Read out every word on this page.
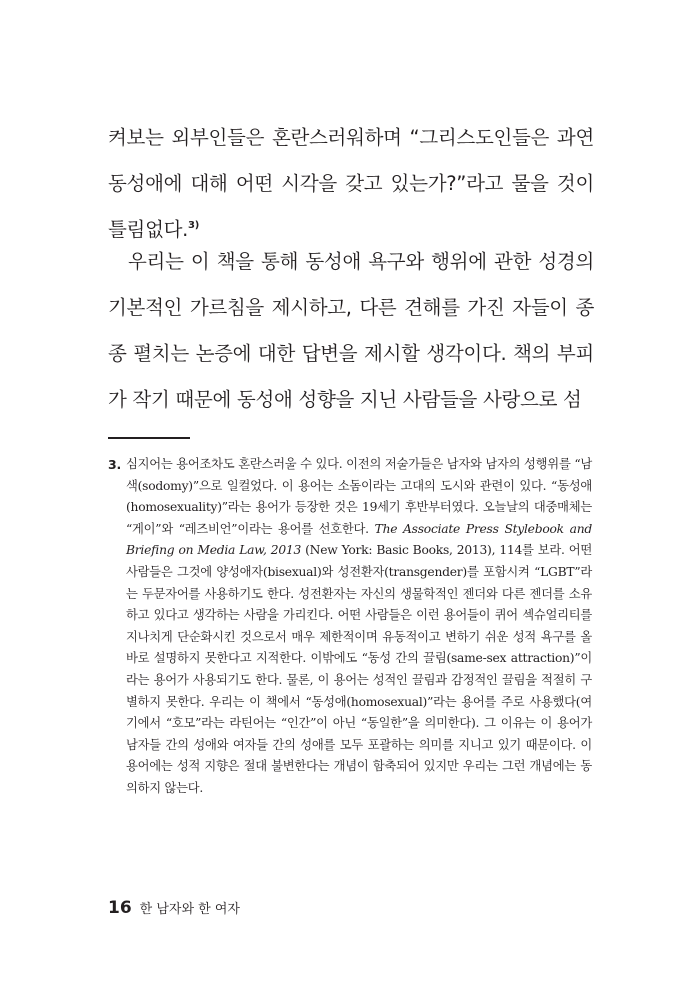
켜보는 외부인들은 혼란스러워하며 “그리스도인들은 과연 동성애에 대해 어떤 시각을 갖고 있는가?”라고 물을 것이 틀림없다.$^{3)}$

우리는 이 책을 통해 동성애 욕구와 행위에 관한 성경의 기본적인 가르침을 제시하고, 다른 견해를 가진 자들이 종종 펼치는 논증에 대한 답변을 제시할 생각이다. 책의 부피가 작기 때문에 동성애 성향을 지닌 사람들을 사랑으로 섬

3. 심지어는 용어조차도 혼란스러울 수 있다. 이전의 저술가들은 남자와 남자의 성행위를 “남색(sodomy)”으로 일컬었다. 이 용어는 소돔이라는 고대의 도시와 관련이 있다. “동성애(homosexuality)”라는 용어가 등장한 것은 19세기 후반부터였다. 오늘날의 대중매체는 “게이”와 “레즈비언”이라는 용어를 선호한다. The Associate Press Stylebook and Briefing on Media Law, 2013 (New York: Basic Books, 2013), 114를 보라. 어떤 사람들은 그것에 양성애자(bisexual)와 성전환자(transgender)를 포함시켜 “LGBT”라는 두문자어를 사용하기도 한다. 성전환자는 자신의 생물학적인 젠더와 다른 젠더를 소유하고 있다고 생각하는 사람을 가리킨다. 어떤 사람들은 이런 용어들이 퀴어 섹슈얼리티를 지나치게 단순화시킨 것으로서 매우 제한적이며 유동적이고 변하기 쉬운 성적 욕구를 올바로 설명하지 못한다고 지적한다. 이밖에도 “동성 간의 끌림(same-sex attraction)”이라는 용어가 사용되기도 한다. 물론, 이 용어는 성적인 끌림과 감정적인 끌림을 적절히 구별하지 못한다. 우리는 이 책에서 “동성애(homosexual)”라는 용어를 주로 사용했다(여기에서 “호모”라는 라틴어는 “인간”이 아닌 “동일한”을 의미한다). 그 이유는 이 용어가 남자들 간의 성애와 여자들 간의 성애를 모두 포괄하는 의미를 지니고 있기 때문이다. 이 용어에는 성적 지향은 절대 불변한다는 개념이 함축되어 있지만 우리는 그런 개념에는 동의하지 않는다.
16 한 남자와 한 여자
